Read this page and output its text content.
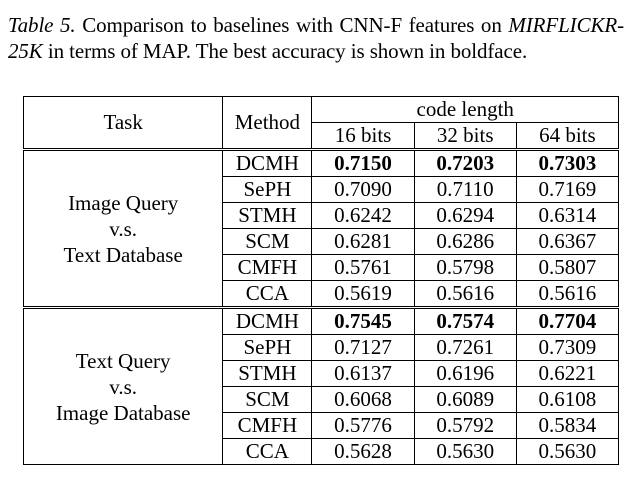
Table 5. Comparison to baselines with CNN-F features on MIRFLICKR-25K in terms of MAP. The best accuracy is shown in boldface.
Task	Method	code length		
		16 bits	32 bits	64 bits

Image Query
v.s.
Text Database	DCMH	0.7150	0.7203	0.7303
	SePH	0.7090	0.7110	0.7169
	STMH	0.6242	0.6294	0.6314
	SCM	0.6281	0.6286	0.6367
	CMFH	0.5761	0.5798	0.5807
	CCA	0.5619	0.5616	0.5616

Text Query
v.s.
Image Database	DCMH	0.7545	0.7574	0.7704
	SePH	0.7127	0.7261	0.7309
	STMH	0.6137	0.6196	0.6221
	SCM	0.6068	0.6089	0.6108
	CMFH	0.5776	0.5792	0.5834
	CCA	0.5628	0.5630	0.5630
